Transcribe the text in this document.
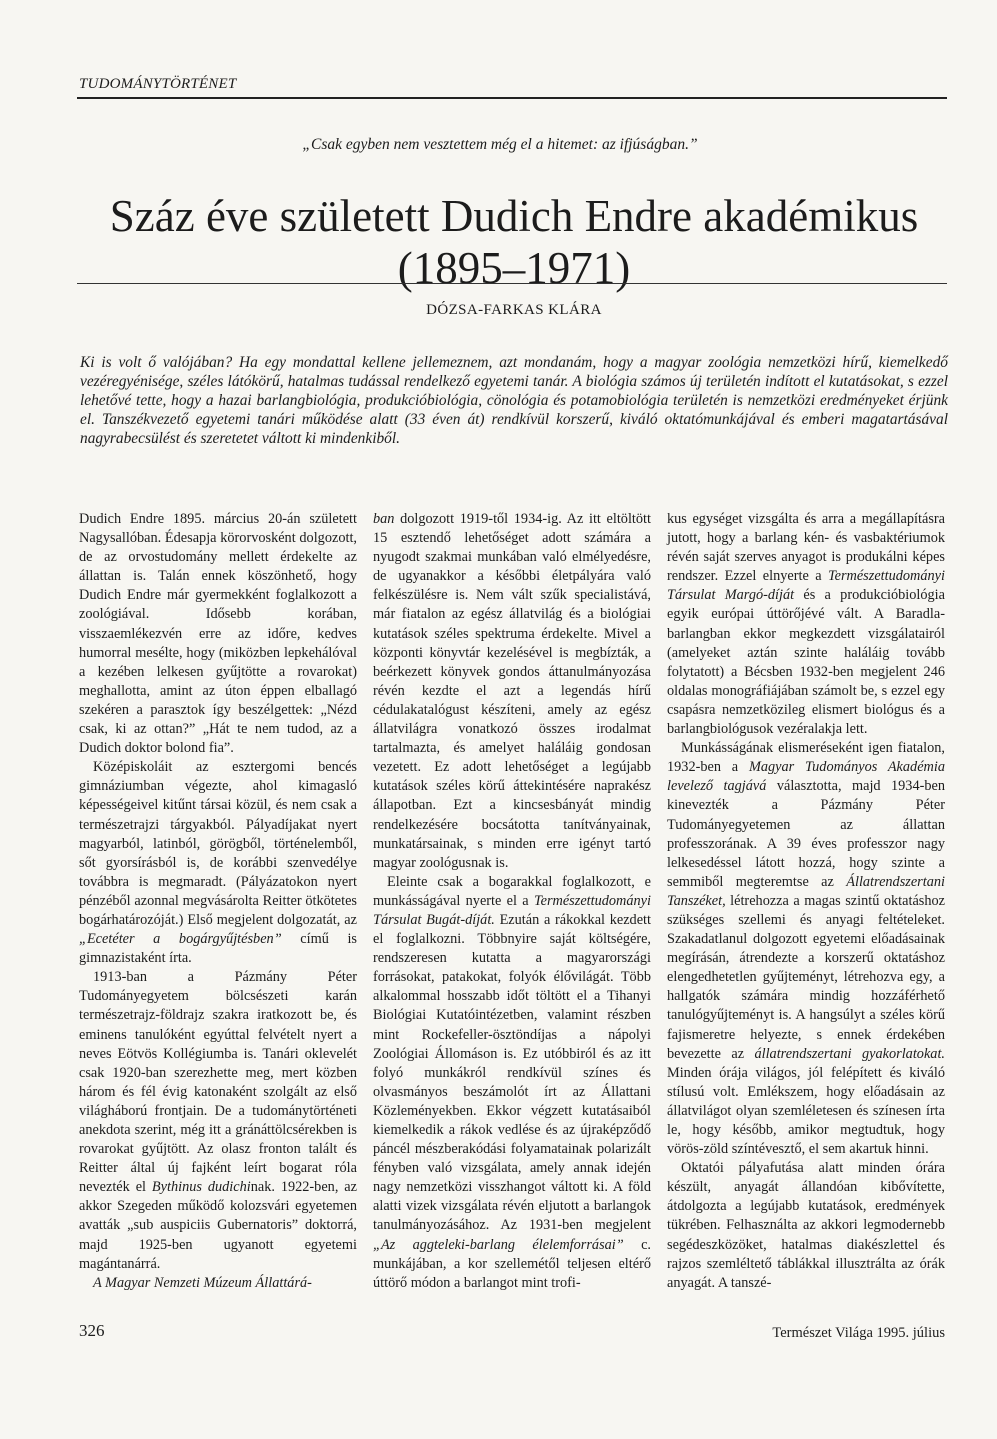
TUDOMÁNYTÖRTÉNET
„Csak egyben nem vesztettem még el a hitemet: az ifjúságban.”
Száz éve született Dudich Endre akadémikus
(1895–1971)
DÓZSA-FARKAS KLÁRA

Ki is volt ő valójában? Ha egy mondattal kellene jellemeznem, azt mondanám, hogy a magyar zoológia nemzetközi hírű, kiemelkedő vezéregyénisége, széles látókörű, hatalmas tudással rendelkező egyetemi tanár. A biológia számos új területén indított el kutatásokat, s ezzel lehetővé tette, hogy a hazai barlangbiológia, produkcióbiológia, cönológia és potamobiológia területén is nemzetközi eredményeket érjünk el. Tanszékvezető egyetemi tanári működése alatt (33 éven át) rendkívül korszerű, kiváló oktatómunkájával és emberi magatartásával nagyrabecsülést és szeretetet váltott ki mindenkiből.

Dudich Endre 1895. március 20-án született Nagysallóban. Édesapja körorvosként dolgozott, de az orvostudomány mellett érdekelte az állattan is. Talán ennek köszönhető, hogy Dudich Endre már gyermekként foglalkozott a zoológiával. Idősebb korában, visszaemlékezvén erre az időre, kedves humorral mesélte, hogy (miközben lepkehálóval a kezében lelkesen gyűjtötte a rovarokat) meghallotta, amint az úton éppen elballagó szekéren a parasztok így beszélgettek: „Nézd csak, ki az ottan?” „Hát te nem tudod, az a Dudich doktor bolond fia”.

Középiskoláit az esztergomi bencés gimnáziumban végezte, ahol kimagasló képességeivel kitűnt társai közül, és nem csak a természetrajzi tárgyakból. Pályadíjakat nyert magyarból, latinból, görögből, történelemből, sőt gyorsírásból is, de korábbi szenvedélye továbbra is megmaradt. (Pályázatokon nyert pénzéből azonnal megvásárolta Reitter ötkötetes bogárhatározóját.) Első megjelent dolgozatát, az „Ecetéter a bogárgyűjtésben” című is gimnazistaként írta.

1913-ban a Pázmány Péter Tudományegyetem bölcsészeti karán természetrajz-földrajz szakra iratkozott be, és eminens tanulóként egyúttal felvételt nyert a neves Eötvös Kollégiumba is. Tanári oklevelét csak 1920-ban szerezhette meg, mert közben három és fél évig katonaként szolgált az első világháború frontjain. De a tudománytörténeti anekdota szerint, még itt a gránáttölcsérekben is rovarokat gyűjtött. Az olasz fronton talált és Reitter által új fajként leírt bogarat róla nevezték el Bythinus dudichinak. 1922-ben, az akkor Szegeden működő kolozsvári egyetemen avatták „sub auspiciis Gubernatoris” doktorrá, majd 1925-ben ugyanott egyetemi magántanárrá.

A Magyar Nemzeti Múzeum Állattárá-

ban dolgozott 1919-től 1934-ig. Az itt eltöltött 15 esztendő lehetőséget adott számára a nyugodt szakmai munkában való elmélyedésre, de ugyanakkor a későbbi életpályára való felkészülésre is. Nem vált szűk specialistává, már fiatalon az egész állatvilág és a biológiai kutatások széles spektruma érdekelte. Mivel a központi könyvtár kezelésével is megbízták, a beérkezett könyvek gondos áttanulmányozása révén kezdte el azt a legendás hírű cédulakatalógust készíteni, amely az egész állatvilágra vonatkozó összes irodalmat tartalmazta, és amelyet haláláig gondosan vezetett. Ez adott lehetőséget a legújabb kutatások széles körű áttekintésére naprakész állapotban. Ezt a kincsesbányát mindig rendelkezésére bocsátotta tanítványainak, munkatársainak, s minden erre igényt tartó magyar zoológusnak is.

Eleinte csak a bogarakkal foglalkozott, e munkásságával nyerte el a Természettudományi Társulat Bugát-díját. Ezután a rákokkal kezdett el foglalkozni. Többnyire saját költségére, rendszeresen kutatta a magyarországi forrásokat, patakokat, folyók élővilágát. Több alkalommal hosszabb időt töltött el a Tihanyi Biológiai Kutatóintézetben, valamint részben mint Rockefeller-ösztöndíjas a nápolyi Zoológiai Állomáson is. Ez utóbbiról és az itt folyó munkákról rendkívül színes és olvasmányos beszámolót írt az Állattani Közleményekben. Ekkor végzett kutatásaiból kiemelkedik a rákok vedlése és az újraképződő páncél mészberakódási folyamatainak polarizált fényben való vizsgálata, amely annak idején nagy nemzetközi visszhangot váltott ki. A föld alatti vizek vizsgálata révén eljutott a barlangok tanulmányozásához. Az 1931-ben megjelent „Az aggteleki-barlang élelemforrásai” c. munkájában, a kor szellemétől teljesen eltérő úttörő módon a barlangot mint trofi-

kus egységet vizsgálta és arra a megállapításra jutott, hogy a barlang kén- és vasbaktériumok révén saját szerves anyagot is produkálni képes rendszer. Ezzel elnyerte a Természettudományi Társulat Margó-díját és a produkcióbiológia egyik európai úttörőjévé vált. A Baradla-barlangban ekkor megkezdett vizsgálatairól (amelyeket aztán szinte haláláig tovább folytatott) a Bécsben 1932-ben megjelent 246 oldalas monográfiájában számolt be, s ezzel egy csapásra nemzetközileg elismert biológus és a barlangbiológusok vezéralakja lett.

Munkásságának elismeréseként igen fiatalon, 1932-ben a Magyar Tudományos Akadémia levelező tagjává választotta, majd 1934-ben kinevezték a Pázmány Péter Tudományegyetemen az állattan professzorának. A 39 éves professzor nagy lelkesedéssel látott hozzá, hogy szinte a semmiből megteremtse az Állatrendszertani Tanszéket, létrehozza a magas szintű oktatáshoz szükséges szellemi és anyagi feltételeket. Szakadatlanul dolgozott egyetemi előadásainak megírásán, átrendezte a korszerű oktatáshoz elengedhetetlen gyűjteményt, létrehozva egy, a hallgatók számára mindig hozzáférhető tanulógyűjteményt is. A hangsúlyt a széles körű fajismeretre helyezte, s ennek érdekében bevezette az állatrendszertani gyakorlatokat. Minden órája világos, jól felépített és kiváló stílusú volt. Emlékszem, hogy előadásain az állatvilágot olyan szemléletesen és színesen írta le, hogy később, amikor megtudtuk, hogy vörös-zöld színtévesztő, el sem akartuk hinni.

Oktatói pályafutása alatt minden órára készült, anyagát állandóan kibővítette, átdolgozta a legújabb kutatások, eredmények tükrében. Felhasználta az akkori legmodernebb segédeszközöket, hatalmas diakészlettel és rajzos szemléltető táblákkal illusztrálta az órák anyagát. A tanszé-

326	Természet Világa 1995. július
